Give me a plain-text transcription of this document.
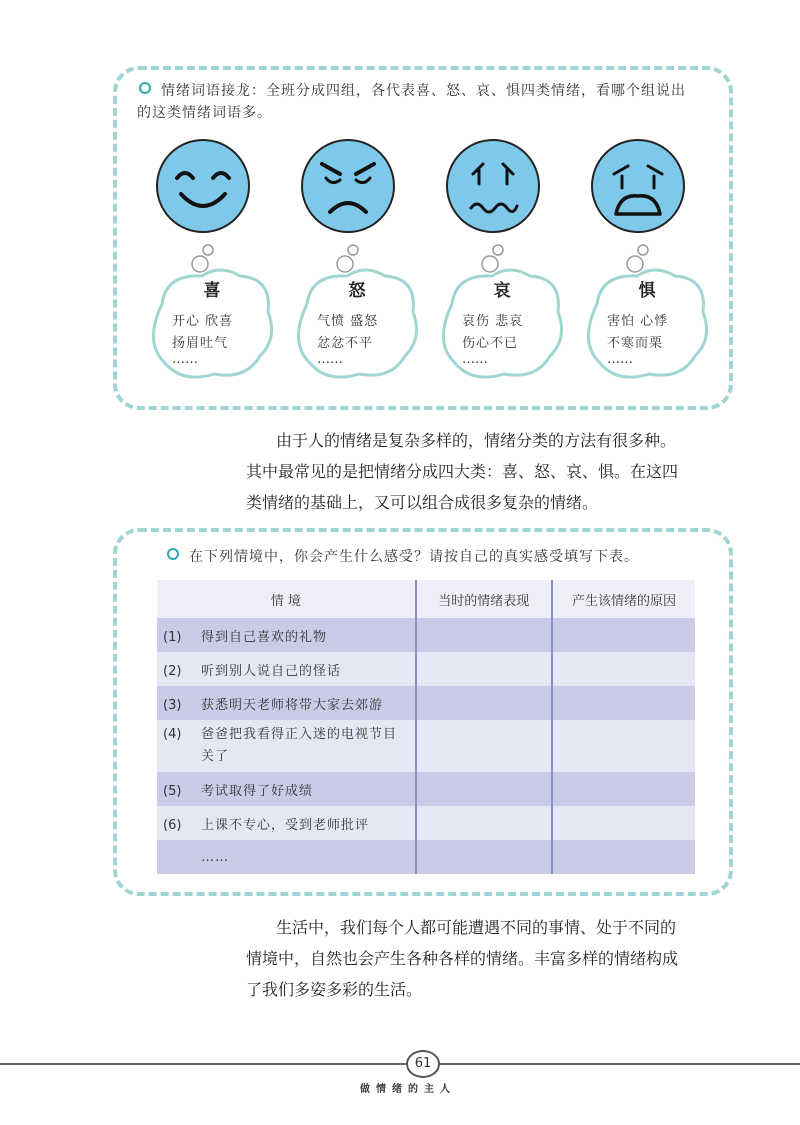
情绪词语接龙：全班分成四组，各代表喜、怒、哀、惧四类情绪，看哪个组说出的这类情绪词语多。
喜
开心 欣喜
扬眉吐气
……
怒
气愤 盛怒
忿忿不平
……
哀
哀伤 悲哀
伤心不已
……
惧
害怕 心悸
不寒而栗
……

由于人的情绪是复杂多样的，情绪分类的方法有很多种。

其中最常见的是把情绪分成四大类：喜、怒、哀、惧。在这四

类情绪的基础上，又可以组合成很多复杂的情绪。

在下列情境中，你会产生什么感受？请按自己的真实感受填写下表。
情 境	当时的情绪表现	产生该情绪的原因
(1) 得到自己喜欢的礼物		
(2) 听到别人说自己的怪话		
(3) 获悉明天老师将带大家去郊游		

(4) 爸爸把我看得正入迷的电视节目关了		

(5) 考试取得了好成绩		
(6) 上课不专心，受到老师批评		
……		

生活中，我们每个人都可能遭遇不同的事情、处于不同的

情境中，自然也会产生各种各样的情绪。丰富多样的情绪构成

了我们多姿多彩的生活。

61
做情绪的主人
